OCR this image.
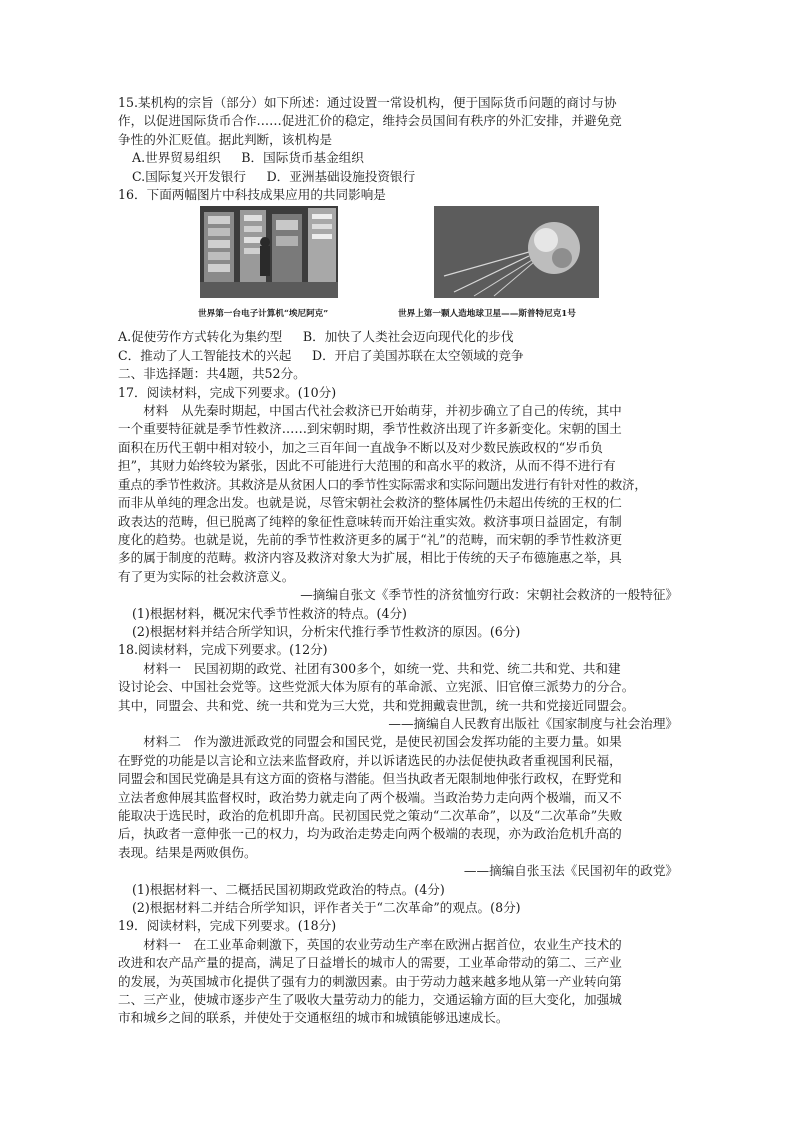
15.某机构的宗旨（部分）如下所述：通过设置一常设机构，便于国际货币问题的商讨与协

作，以促进国际货币合作……促进汇价的稳定，维持会员国间有秩序的外汇安排，并避免竞

争性的外汇贬值。据此判断，该机构是

A.世界贸易组织　 B．国际货币基金组织

C.国际复兴开发银行　 D．亚洲基础设施投资银行

16．下面两幅图片中科技成果应用的共同影响是

世界第一台电子计算机“埃尼阿克”	世界上第一颗人造地球卫星——斯普特尼克1号

A.促使劳作方式转化为集约型　 B．加快了人类社会迈向现代化的步伐

C．推动了人工智能技术的兴起　 D．开启了美国苏联在太空领域的竞争

二、非选择题：共4题，共52分。

17．阅读材料，完成下列要求。(10分)

材料　从先秦时期起，中国古代社会救济已开始萌芽，并初步确立了自己的传统，其中

一个重要特征就是季节性救济……到宋朝时期，季节性救济出现了许多新变化。宋朝的国土

面积在历代王朝中相对较小，加之三百年间一直战争不断以及对少数民族政权的“岁币负

担”，其财力始终较为紧张，因此不可能进行大范围的和高水平的救济，从而不得不进行有

重点的季节性救济。其救济是从贫困人口的季节性实际需求和实际问题出发进行有针对性的救济，

而非从单纯的理念出发。也就是说，尽管宋朝社会救济的整体属性仍未超出传统的王权的仁

政表达的范畴，但已脱离了纯粹的象征性意味转而开始注重实效。救济事项日益固定，有制

度化的趋势。也就是说，先前的季节性救济更多的属于“礼”的范畴，而宋朝的季节性救济更

多的属于制度的范畴。救济内容及救济对象大为扩展，相比于传统的天子布德施惠之举，具

有了更为实际的社会救济意义。

—摘编自张文《季节性的济贫恤穷行政：宋朝社会救济的一般特征》

(1)根据材料，概况宋代季节性救济的特点。(4分)

(2)根据材料并结合所学知识，分析宋代推行季节性救济的原因。(6分)

18.阅读材料，完成下列要求。(12分)

材料一　民国初期的政党、社团有300多个，如统一党、共和党、统二共和党、共和建

设讨论会、中国社会党等。这些党派大体为原有的革命派、立宪派、旧官僚三派势力的分合。

其中，同盟会、共和党、统一共和党为三大党，共和党拥戴袁世凯，统一共和党接近同盟会。

——摘编自人民教育出版社《国家制度与社会治理》

材料二　作为激进派政党的同盟会和国民党，是使民初国会发挥功能的主要力量。如果

在野党的功能是以言论和立法来监督政府，并以诉诸选民的办法促使执政者重视国利民福，

同盟会和国民党确是具有这方面的资格与潜能。但当执政者无限制地伸张行政权，在野党和

立法者愈伸展其监督权时，政治势力就走向了两个极端。当政治势力走向两个极端，而又不

能取决于选民时，政治的危机即升高。民初国民党之策动“二次革命”，以及“二次革命”失败

后，执政者一意伸张一己的权力，均为政治走势走向两个极端的表现，亦为政治危机升高的

表现。结果是两败俱伤。

——摘编自张玉法《民国初年的政党》

(1)根据材料一、二概括民国初期政党政治的特点。(4分)

(2)根据材料二并结合所学知识，评作者关于“二次革命”的观点。(8分)

19．阅读材料，完成下列要求。(18分)

材料一　在工业革命刺激下，英国的农业劳动生产率在欧洲占据首位，农业生产技术的

改进和农产品产量的提高，满足了日益增长的城市人的需要，工业革命带动的第二、三产业

的发展，为英国城市化提供了强有力的刺激因素。由于劳动力越来越多地从第一产业转向第

二、三产业，使城市逐步产生了吸收大量劳动力的能力，交通运输方面的巨大变化，加强城

市和城乡之间的联系，并使处于交通枢纽的城市和城镇能够迅速成长。
